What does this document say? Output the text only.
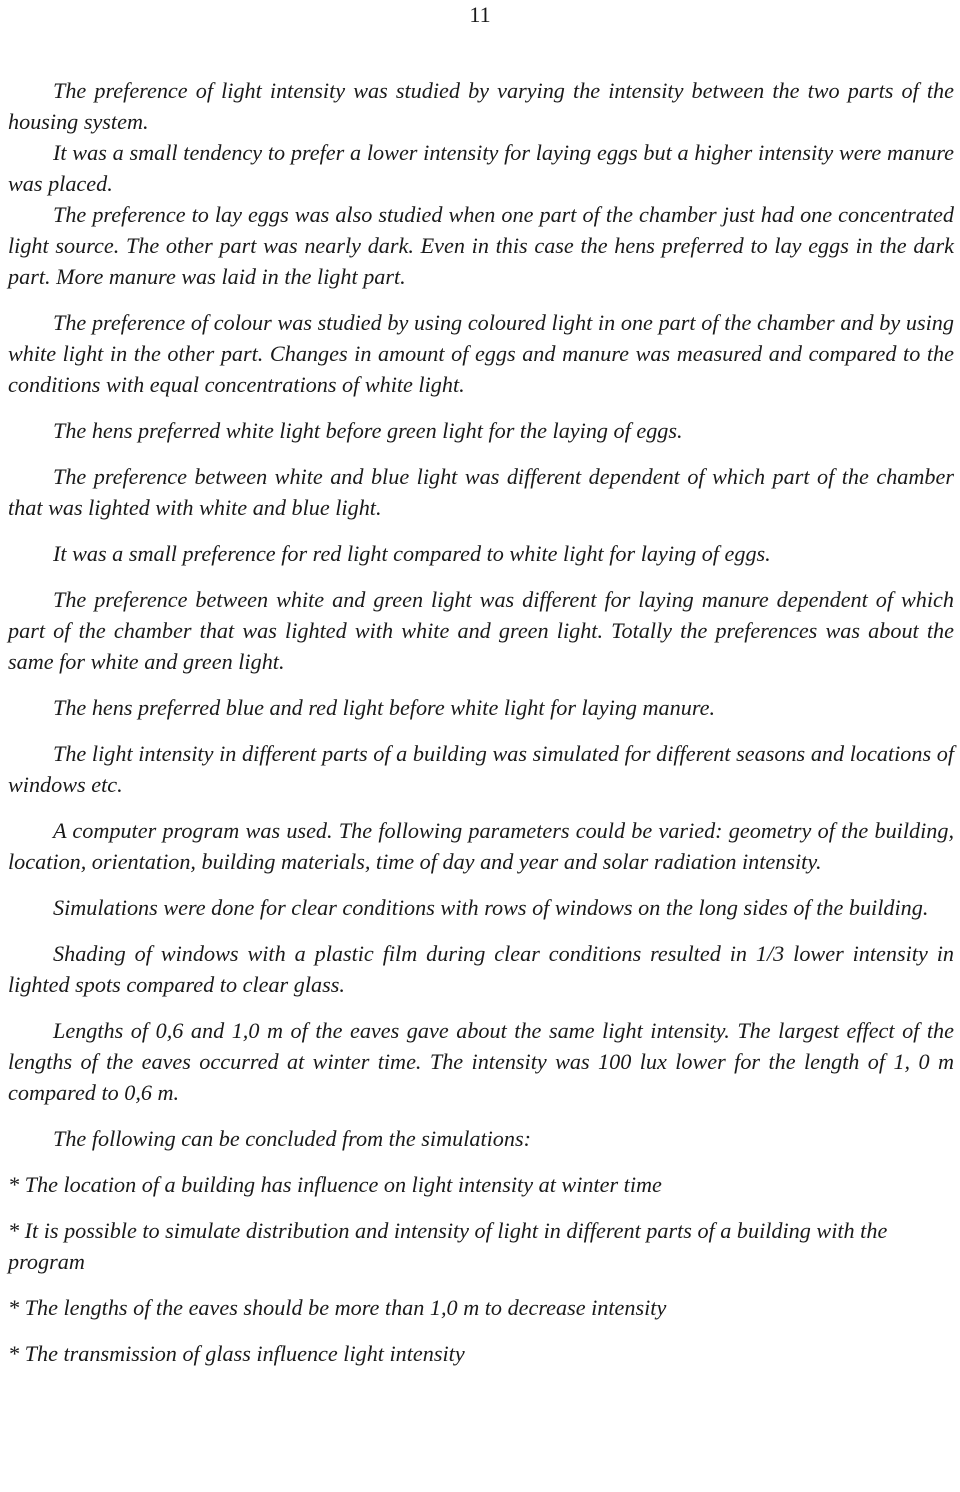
11

The preference of light intensity was studied by varying the intensity between the two parts of the housing system.

It was a small tendency to prefer a lower intensity for laying eggs but a higher intensity were manure was placed.

The preference to lay eggs was also studied when one part of the chamber just had one concentrated light source. The other part was nearly dark. Even in this case the hens preferred to lay eggs in the dark part. More manure was laid in the light part.

The preference of colour was studied by using coloured light in one part of the chamber and by using white light in the other part. Changes in amount of eggs and manure was measured and compared to the conditions with equal concentrations of white light.

The hens preferred white light before green light for the laying of eggs.

The preference between white and blue light was different dependent of which part of the chamber that was lighted with white and blue light.

It was a small preference for red light compared to white light for laying of eggs.

The preference between white and green light was different for laying manure dependent of which part of the chamber that was lighted with white and green light. Totally the preferences was about the same for white and green light.

The hens preferred blue and red light before white light for laying manure.

The light intensity in different parts of a building was simulated for different seasons and locations of windows etc.

A computer program was used. The following parameters could be varied: geometry of the building, location, orientation, building materials, time of day and year and solar radiation intensity.

Simulations were done for clear conditions with rows of windows on the long sides of the building.

Shading of windows with a plastic film during clear conditions resulted in 1/3 lower intensity in lighted spots compared to clear glass.

Lengths of 0,6 and 1,0 m of the eaves gave about the same light intensity. The largest effect of the lengths of the eaves occurred at winter time. The intensity was 100 lux lower for the length of 1, 0 m compared to 0,6 m.

The following can be concluded from the simulations:

* The location of a building has influence on light intensity at winter time

* It is possible to simulate distribution and intensity of light in different parts of a building with the program

* The lengths of the eaves should be more than 1,0 m to decrease intensity

* The transmission of glass influence light intensity
